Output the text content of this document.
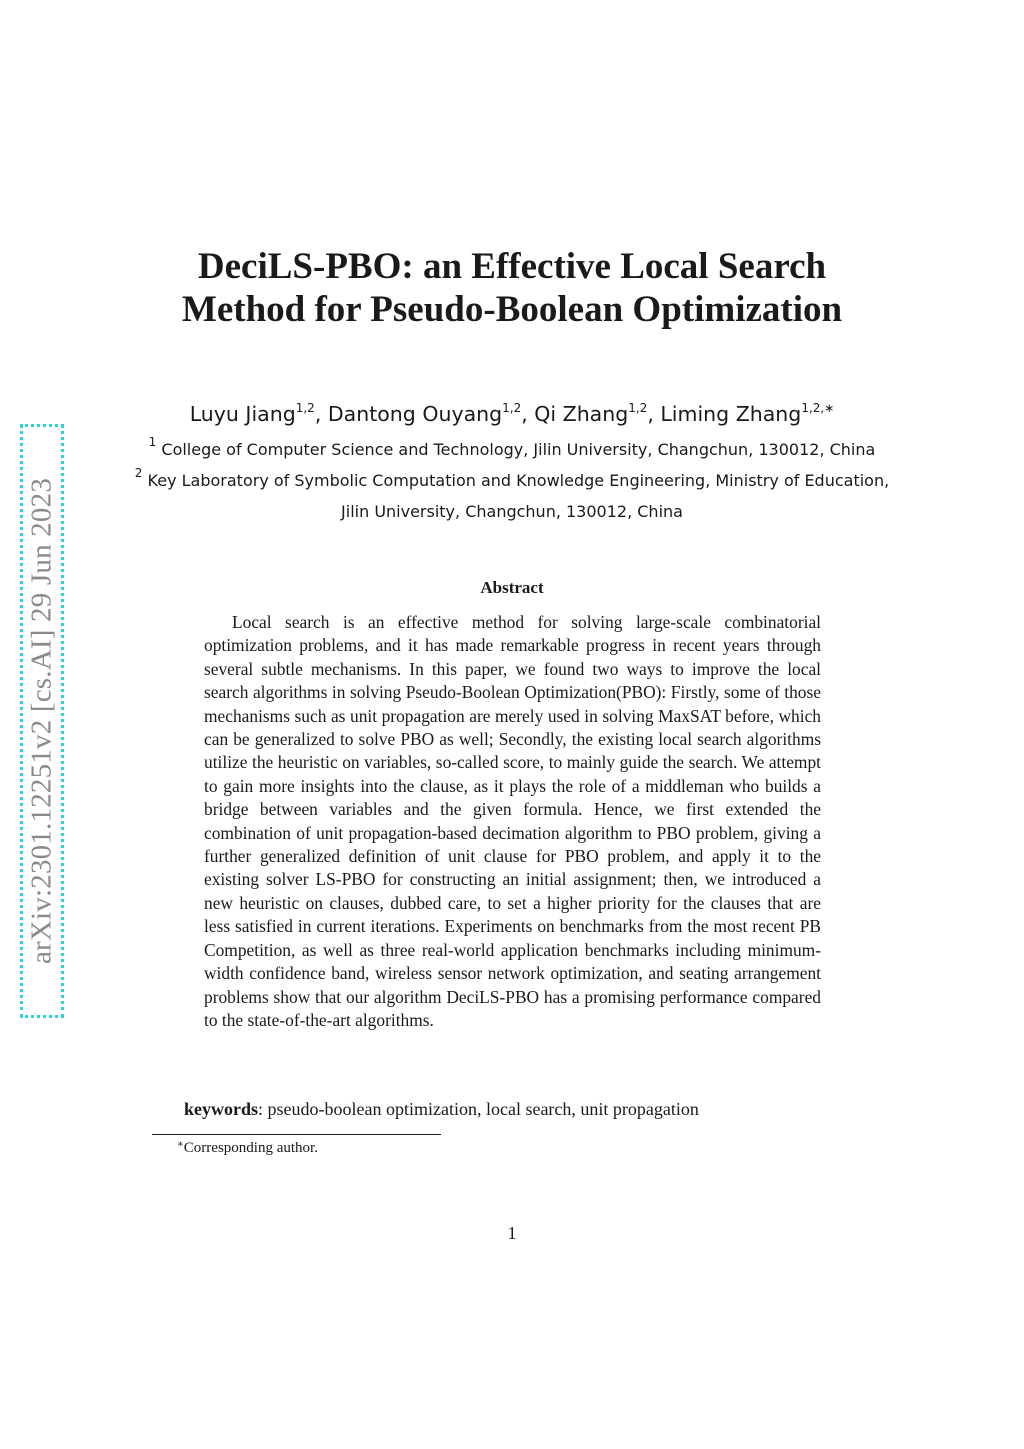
arXiv:2301.12251v2 [cs.AI] 29 Jun 2023
DeciLS-PBO: an Effective Local Search Method for Pseudo-Boolean Optimization
Luyu Jiang$^{1,2}$, Dantong Ouyang$^{1,2}$, Qi Zhang$^{1,2}$, Liming Zhang$^{1,2,∗}$
$^1$ College of Computer Science and Technology, Jilin University, Changchun, 130012, China
$^2$ Key Laboratory of Symbolic Computation and Knowledge Engineering, Ministry of Education,
Jilin University, Changchun, 130012, China
Abstract
Local search is an effective method for solving large-scale combinatorial optimization problems, and it has made remarkable progress in recent years through several subtle mechanisms. In this paper, we found two ways to improve the local search algorithms in solving Pseudo-Boolean Optimization(PBO): Firstly, some of those mechanisms such as unit propagation are merely used in solving MaxSAT before, which can be generalized to solve PBO as well; Secondly, the existing local search algorithms utilize the heuristic on variables, so-called score, to mainly guide the search. We attempt to gain more insights into the clause, as it plays the role of a middleman who builds a bridge between variables and the given formula. Hence, we first extended the combination of unit propagation-based decimation algorithm to PBO problem, giving a further generalized definition of unit clause for PBO problem, and apply it to the existing solver LS-PBO for constructing an initial assignment; then, we introduced a new heuristic on clauses, dubbed care, to set a higher priority for the clauses that are less satisfied in current iterations. Experiments on benchmarks from the most recent PB Competition, as well as three real-world application benchmarks including minimum-width confidence band, wireless sensor network optimization, and seating arrangement problems show that our algorithm DeciLS-PBO has a promising performance compared to the state-of-the-art algorithms.
keywords: pseudo-boolean optimization, local search, unit propagation
∗Corresponding author.
1
